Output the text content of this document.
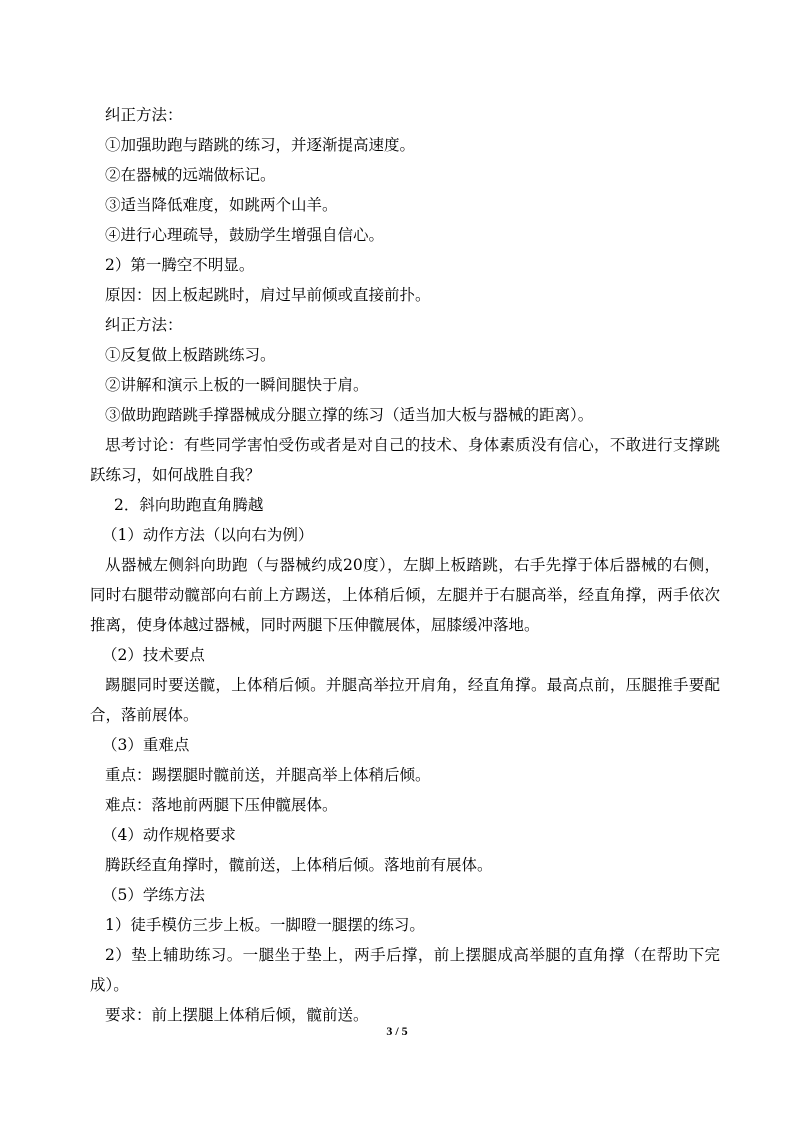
纠正方法：

①加强助跑与踏跳的练习，并逐渐提高速度。

②在器械的远端做标记。

③适当降低难度，如跳两个山羊。

④进行心理疏导，鼓励学生增强自信心。

2）第一腾空不明显。

原因：因上板起跳时，肩过早前倾或直接前扑。

纠正方法：

①反复做上板踏跳练习。

②讲解和演示上板的一瞬间腿快于肩。

③做助跑踏跳手撑器械成分腿立撑的练习（适当加大板与器械的距离）。

思考讨论：有些同学害怕受伤或者是对自己的技术、身体素质没有信心，不敢进行支撑跳跃练习，如何战胜自我？

2．斜向助跑直角腾越

（1）动作方法（以向右为例）

从器械左侧斜向助跑（与器械约成20度），左脚上板踏跳，右手先撑于体后器械的右侧，同时右腿带动髋部向右前上方踢送，上体稍后倾，左腿并于右腿高举，经直角撑，两手依次推离，使身体越过器械，同时两腿下压伸髋展体，屈膝缓冲落地。

（2）技术要点

踢腿同时要送髋，上体稍后倾。并腿高举拉开肩角，经直角撑。最高点前，压腿推手要配合，落前展体。

（3）重难点

重点：踢摆腿时髋前送，并腿高举上体稍后倾。

难点：落地前两腿下压伸髋展体。

（4）动作规格要求

腾跃经直角撑时，髋前送，上体稍后倾。落地前有展体。

（5）学练方法

1）徒手模仿三步上板。一脚瞪一腿摆的练习。

2）垫上辅助练习。一腿坐于垫上，两手后撑，前上摆腿成高举腿的直角撑（在帮助下完成）。

要求：前上摆腿上体稍后倾，髋前送。

3 / 5
